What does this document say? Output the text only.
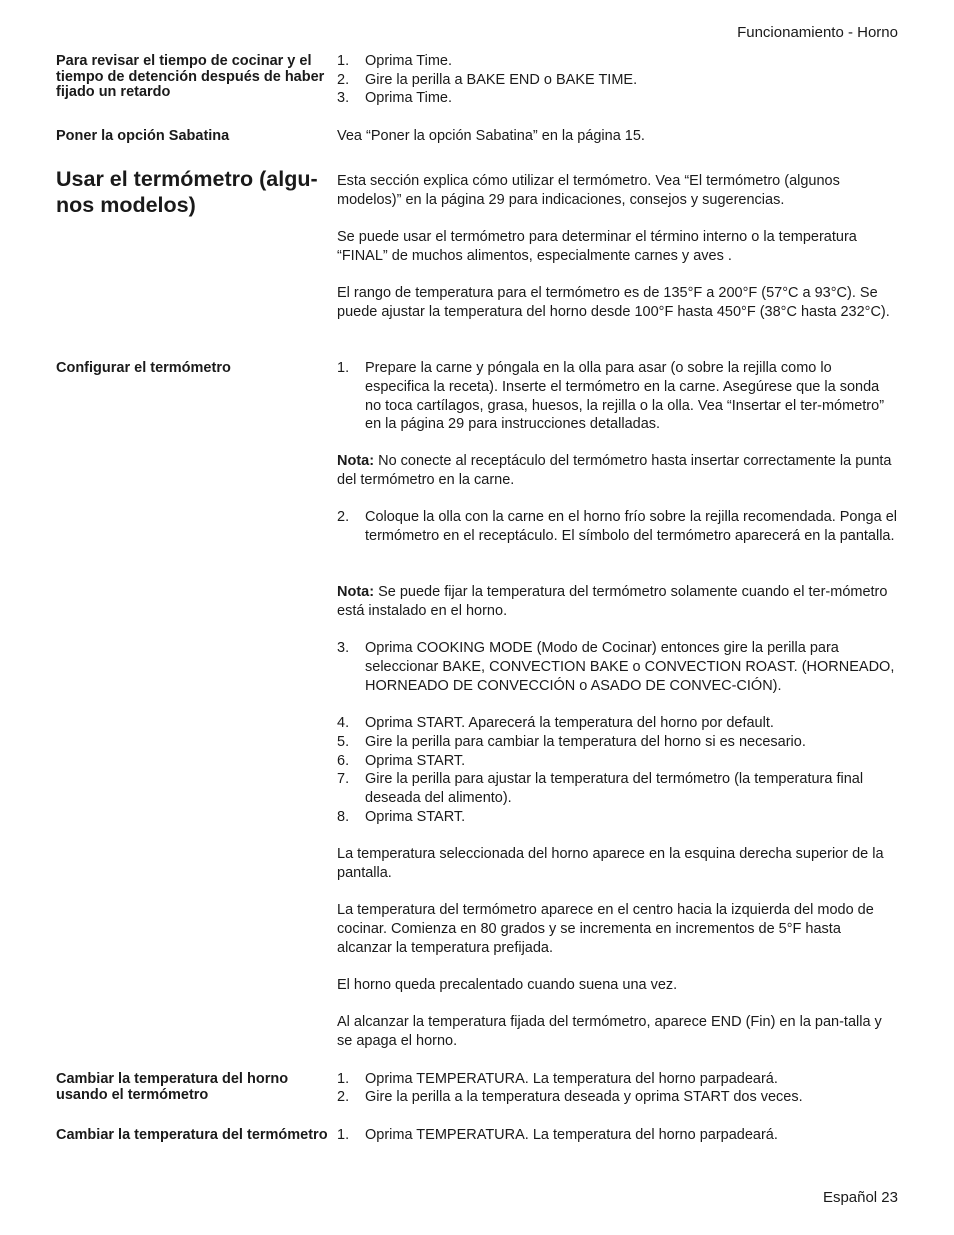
Funcionamiento - Horno
Para revisar el tiempo de cocinar y el tiempo de detención después de haber fijado un retardo
1. Oprima Time.
2. Gire la perilla a BAKE END o BAKE TIME.
3. Oprima Time.
Poner la opción Sabatina	Vea “Poner la opción Sabatina” en la página 15.
Usar el termómetro (algu-nos modelos)
Esta sección explica cómo utilizar el termómetro. Vea “El termómetro (algunos modelos)” en la página 29 para indicaciones, consejos y sugerencias.
Se puede usar el termómetro para determinar el término interno o la temperatura “FINAL” de muchos alimentos, especialmente carnes y aves .
El rango de temperatura para el termómetro es de 135°F a 200°F (57°C a 93°C). Se puede ajustar la temperatura del horno desde 100°F hasta 450°F (38°C hasta 232°C).
Configurar el termómetro	1. Prepare la carne y póngala en la olla para asar (o sobre la rejilla como lo especifica la receta). Inserte el termómetro en la carne. Asegúrese que la sonda no toca cartílagos, grasa, huesos, la rejilla o la olla. Vea “Insertar el ter-mómetro” en la página 29 para instrucciones detalladas.
Nota: No conecte al receptáculo del termómetro hasta insertar correctamente la punta del termómetro en la carne.
2. Coloque la olla con la carne en el horno frío sobre la rejilla recomendada. Ponga el termómetro en el receptáculo. El símbolo del termómetro aparecerá en la pantalla.
Nota: Se puede fijar la temperatura del termómetro solamente cuando el ter-mómetro está instalado en el horno.
3. Oprima COOKING MODE (Modo de Cocinar) entonces gire la perilla para seleccionar BAKE, CONVECTION BAKE o CONVECTION ROAST. (HORNEADO, HORNEADO DE CONVECCIÓN o ASADO DE CONVEC-CIÓN).
4. Oprima START. Aparecerá la temperatura del horno por default.
5. Gire la perilla para cambiar la temperatura del horno si es necesario.
6. Oprima START.
7. Gire la perilla para ajustar la temperatura del termómetro (la temperatura final deseada del alimento).
8. Oprima START.
La temperatura seleccionada del horno aparece en la esquina derecha superior de la pantalla.
La temperatura del termómetro aparece en el centro hacia la izquierda del modo de cocinar. Comienza en 80 grados y se incrementa en incrementos de 5°F hasta alcanzar la temperatura prefijada.
El horno queda precalentado cuando suena una vez.
Al alcanzar la temperatura fijada del termómetro, aparece END (Fin) en la pan-talla y se apaga el horno.
Cambiar la temperatura del horno usando el termómetro
1. Oprima TEMPERATURA. La temperatura del horno parpadeará.
2. Gire la perilla a la temperatura deseada y oprima START dos veces.
Cambiar la temperatura del termómetro 1. Oprima TEMPERATURA. La temperatura del horno parpadeará.
Español 23
